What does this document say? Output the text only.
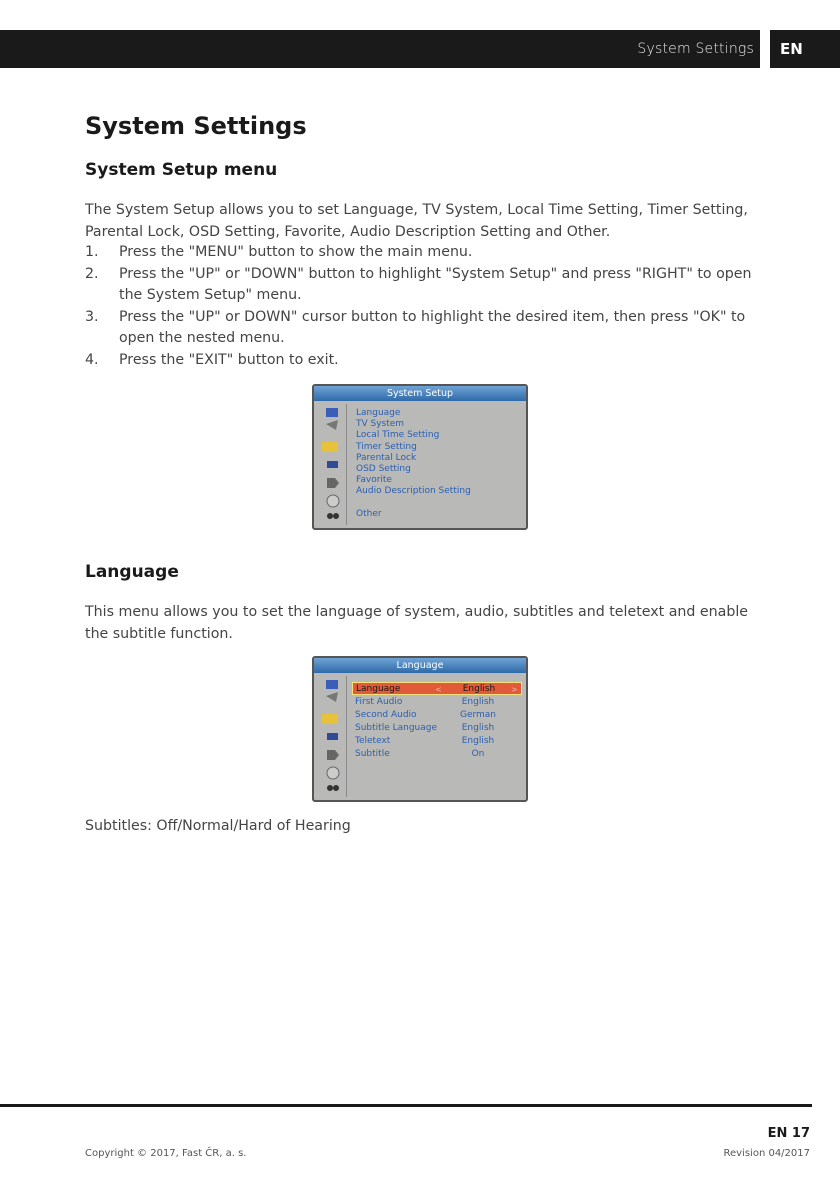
System Settings	EN
System Settings
System Setup menu

The System Setup allows you to set Language, TV System, Local Time Setting, Timer Setting, Parental Lock, OSD Setting, Favorite, Audio Description Setting and Other.

1. Press the "MENU" button to show the main menu.
2. Press the "UP" or "DOWN" button to highlight "System Setup" and press "RIGHT" to open the System Setup" menu.
3. Press the "UP" or DOWN" cursor button to highlight the desired item, then press "OK" to open the nested menu.
4. Press the "EXIT" button to exit.
System Setup
Language
TV System
Local Time Setting
Timer Setting
Parental Lock
OSD Setting
Favorite
Audio Description Setting
Other
Language

This menu allows you to set the language of system, audio, subtitles and teletext and enable the subtitle function.

Language
Language	<	English	>
First Audio	English
Second Audio	German
Subtitle Language	English
Teletext	English
Subtitle	On

Subtitles: Off/Normal/Hard of Hearing

EN 17
Copyright © 2017, Fast ČR, a. s.	Revision 04/2017
